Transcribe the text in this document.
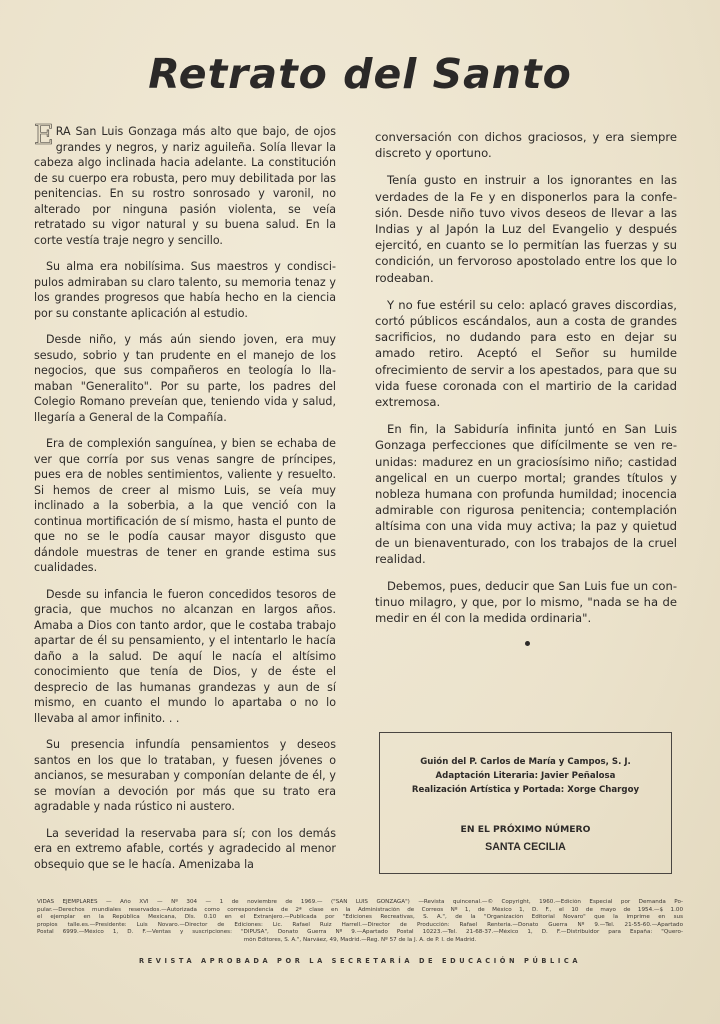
Retrato del Santo

ERA San Luis Gonzaga más alto que bajo, de ojos grandes y negros, y nariz aguileña. Solía llevar la cabeza algo inclinada hacia adelante. La constitución de su cuerpo era robusta, pero muy debilitada por las penitencias. En su rostro sonrosado y varonil, no alterado por ninguna pasión violenta, se veía retratado su vigor natural y su buena salud. En la corte vestía traje negro y sencillo.

Su alma era nobilísima. Sus maestros y condiscipulos admiraban su claro talento, su memoria tenaz y los grandes progresos que había hecho en la ciencia por su constante aplicación al estudio.

Desde niño, y más aún siendo joven, era muy sesudo, sobrio y tan prudente en el manejo de los negocios, que sus compañeros en teología lo llamaban "Generalito". Por su parte, los padres del Colegio Romano preveían que, teniendo vida y salud, llegaría a General de la Compañía.

Era de complexión sanguínea, y bien se echaba de ver que corría por sus venas sangre de príncipes, pues era de nobles sentimientos, valiente y resuelto. Si hemos de creer al mismo Luis, se veía muy inclinado a la soberbia, a la que venció con la continua mortificación de sí mismo, hasta el punto de que no se le podía causar mayor disgusto que dándole muestras de tener en grande estima sus cualidades.

Desde su infancia le fueron concedidos tesoros de gracia, que muchos no alcanzan en largos años. Amaba a Dios con tanto ardor, que le costaba trabajo apartar de él su pensamiento, y el intentarlo le hacía daño a la salud. De aquí le nacía el altísimo conocimiento que tenía de Dios, y de éste el desprecio de las humanas grandezas y aun de sí mismo, en cuanto el mundo lo apartaba o no lo llevaba al amor infinito. . .

Su presencia infundía pensamientos y deseos santos en los que lo trataban, y fuesen jóvenes o ancianos, se mesuraban y componían delante de él, y se movían a devoción por más que su trato era agradable y nada rústico ni austero.

La severidad la reservaba para sí; con los demás era en extremo afable, cortés y agradecido al menor obsequio que se le hacía. Amenizaba la

conversación con dichos graciosos, y era siempre discreto y oportuno.

Tenía gusto en instruir a los ignorantes en las verdades de la Fe y en disponerlos para la confesión. Desde niño tuvo vivos deseos de llevar a las Indias y al Japón la Luz del Evangelio y después ejercitó, en cuanto se lo permitían las fuerzas y su condición, un fervoroso apostolado entre los que lo rodeaban.

Y no fue estéril su celo: aplacó graves discordias, cortó públicos escándalos, aun a costa de grandes sacrificios, no dudando para esto en dejar su amado retiro. Aceptó el Señor su humilde ofrecimiento de servir a los apestados, para que su vida fuese coronada con el martirio de la caridad extremosa.

En fin, la Sabiduría infinita juntó en San Luis Gonzaga perfecciones que difícilmente se ven reunidas: madurez en un graciosísimo niño; castidad angelical en un cuerpo mortal; grandes títulos y nobleza humana con profunda humildad; inocencia admirable con rigurosa penitencia; contemplación altísima con una vida muy activa; la paz y quietud de un bienaventurado, con los trabajos de la cruel realidad.

Debemos, pues, deducir que San Luis fue un continuo milagro, y que, por lo mismo, "nada se ha de medir en él con la medida ordinaria".

Guión del P. Carlos de María y Campos, S. J.
Adaptación Literaria: Javier Peñalosa
Realización Artística y Portada: Xorge Chargoy
EN EL PRÓXIMO NÚMERO
SANTA CECILIA
VIDAS EJEMPLARES — Año XVI — Nº 304 — 1 de noviembre de 1969.— ("SAN LUIS GONZAGA") —Revista quincenal.—© Copyright, 1960.—Edición Especial por Demanda Po-
pular.—Derechos mundiales reservados.—Autorizada como correspondencia de 2ª clase en la Administración de Correos Nº 1, de México 1, D. F., el 10 de mayo de 1954.—$ 1.00
el ejemplar en la República Mexicana, Dls. 0.10 en el Extranjero.—Publicada por "Ediciones Recreativas, S. A.", de la "Organización Editorial Novaro" que la imprime en sus
propios talle.es.—Presidente: Luis Novaro.—Director de Ediciones: Lic. Rafael Ruiz Harrell.—Director de Producción: Rafael Rentería.—Donato Guerra Nº 9.—Tel. 21-55-60.—Apartado
Postal 6999.—México 1, D. F.—Ventas y suscripciones: "DIPUSA", Donato Guerra Nº 9.—Apartado Postal 10223.—Tel. 21-68-37.—México 1, D. F.—Distribuidor para España: "Quero-
món Editores, S. A.", Narváez, 49, Madrid.—Reg. Nº 57 de la J. A. de P. I. de Madrid.
REVISTA APROBADA POR LA SECRETARÍA DE EDUCACIÓN PÚBLICA
